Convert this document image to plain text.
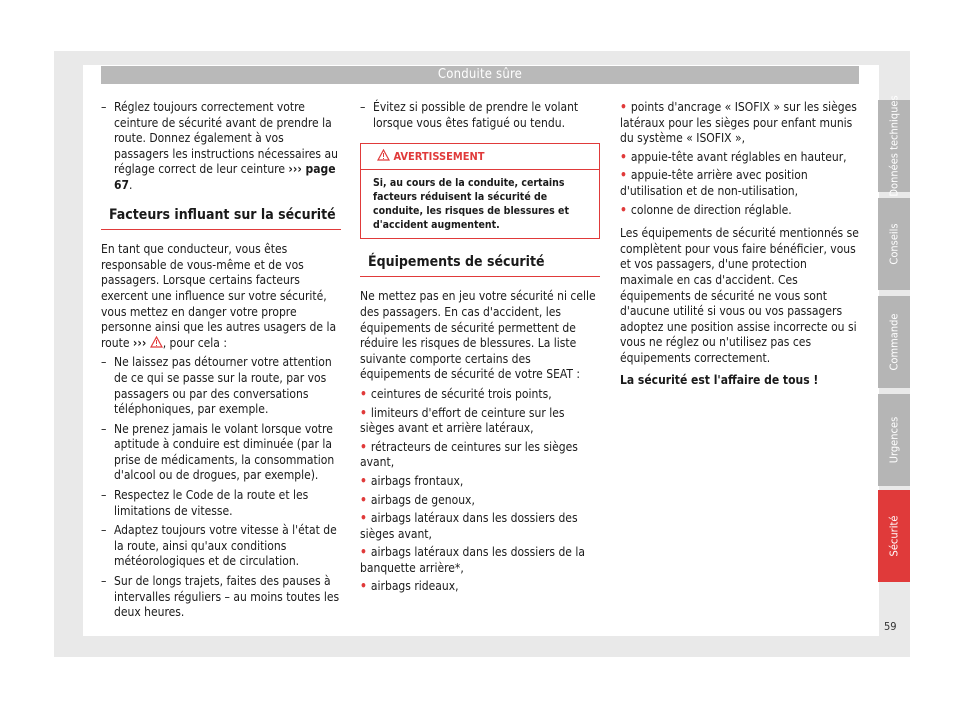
Conduite sûre
– Réglez toujours correctement votre ceinture de sécurité avant de prendre la route. Donnez également à vos passagers les instructions nécessaires au réglage correct de leur ceinture ››› page 67.
Facteurs influant sur la sécurité

En tant que conducteur, vous êtes responsable de vous-même et de vos passagers. Lorsque certains facteurs exercent une influence sur votre sécurité, vous mettez en danger votre propre personne ainsi que les autres usagers de la route ››› , pour cela :

– Ne laissez pas détourner votre attention de ce qui se passe sur la route, par vos passagers ou par des conversations téléphoniques, par exemple.
– Ne prenez jamais le volant lorsque votre aptitude à conduire est diminuée (par la prise de médicaments, la consommation d'alcool ou de drogues, par exemple).
– Respectez le Code de la route et les limitations de vitesse.
– Adaptez toujours votre vitesse à l'état de la route, ainsi qu'aux conditions météorologiques et de circulation.
– Sur de longs trajets, faites des pauses à intervalles réguliers – au moins toutes les deux heures.
– Évitez si possible de prendre le volant lorsque vous êtes fatigué ou tendu.
AVERTISSEMENT
Si, au cours de la conduite, certains facteurs réduisent la sécurité de conduite, les risques de blessures et d'accident augmentent.
Équipements de sécurité

Ne mettez pas en jeu votre sécurité ni celle des passagers. En cas d'accident, les équipements de sécurité permettent de réduire les risques de blessures. La liste suivante comporte certains des équipements de sécurité de votre SEAT :

• ceintures de sécurité trois points,
• limiteurs d'effort de ceinture sur les sièges avant et arrière latéraux,
• rétracteurs de ceintures sur les sièges avant,
• airbags frontaux,
• airbags de genoux,
• airbags latéraux dans les dossiers des sièges avant,
• airbags latéraux dans les dossiers de la banquette arrière*,
• airbags rideaux,
• points d'ancrage « ISOFIX » sur les sièges latéraux pour les sièges pour enfant munis du système « ISOFIX »,
• appuie-tête avant réglables en hauteur,
• appuie-tête arrière avec position d'utilisation et de non-utilisation,
• colonne de direction réglable.

Les équipements de sécurité mentionnés se complètent pour vous faire bénéficier, vous et vos passagers, d'une protection maximale en cas d'accident. Ces équipements de sécurité ne vous sont d'aucune utilité si vous ou vos passagers adoptez une position assise incorrecte ou si vous ne réglez ou n'utilisez pas ces équipements correctement.

La sécurité est l'affaire de tous !

Données techniques
Conseils
Commande
Urgences
Sécurité
59
